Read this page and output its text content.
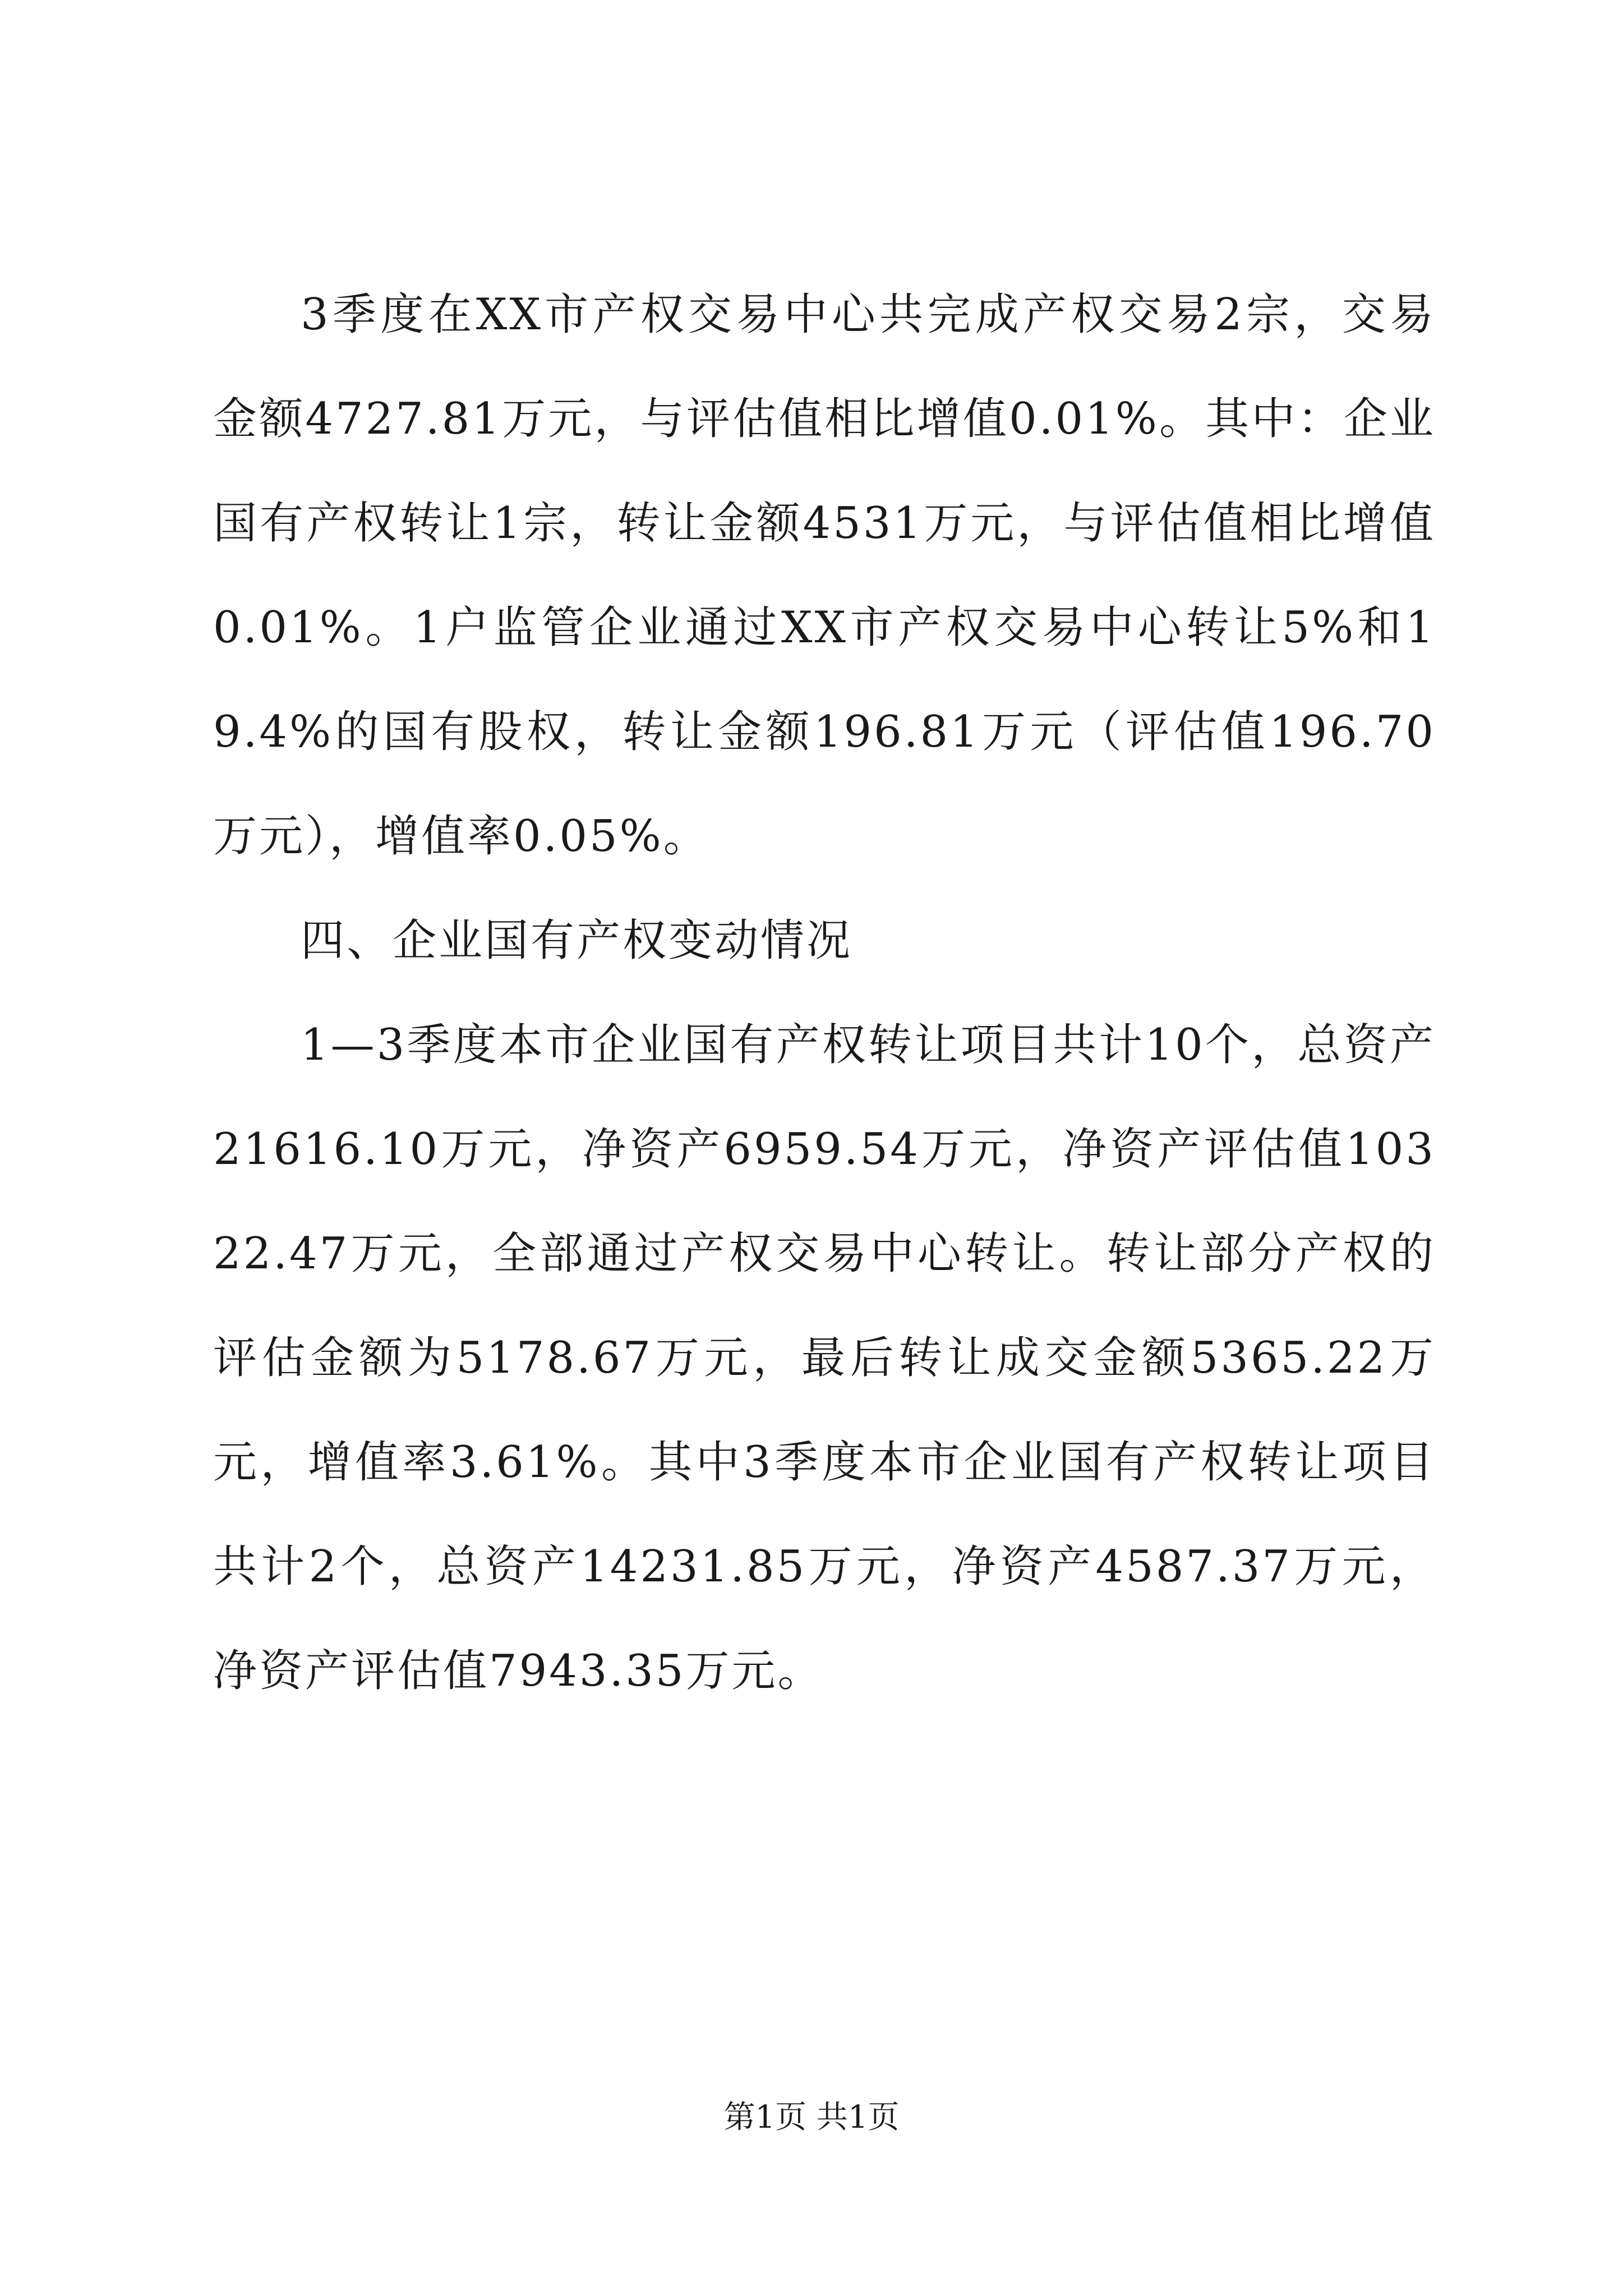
3季度在XX市产权交易中心共完成产权交易2宗，交易金额4727.81万元，与评估值相比增值0.01%。其中：企业国有产权转让1宗，转让金额4531万元，与评估值相比增值0.01%。1户监管企业通过XX市产权交易中心转让5%和19.4%的国有股权，转让金额196.81万元（评估值196.70万元），增值率0.05%。

四、企业国有产权变动情况

1—3季度本市企业国有产权转让项目共计10个，总资产21616.10万元，净资产6959.54万元，净资产评估值10322.47万元，全部通过产权交易中心转让。转让部分产权的评估金额为5178.67万元，最后转让成交金额5365.22万元，增值率3.61%。其中3季度本市企业国有产权转让项目共计2个，总资产14231.85万元，净资产4587.37万元，净资产评估值7943.35万元。

第1页 共1页
